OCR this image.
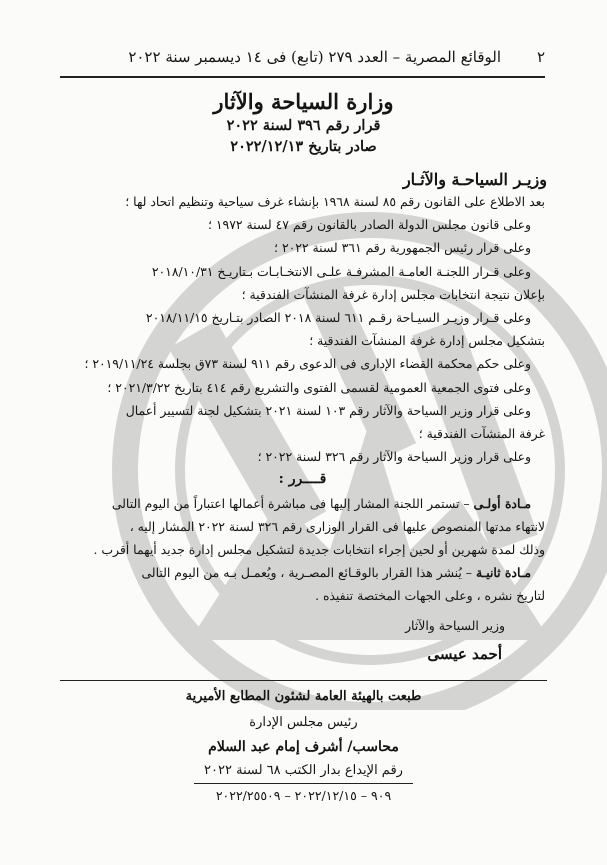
٢
الوقائع المصرية – العدد ٢٧٩ (تابع) فى ١٤ ديسمبر سنة ٢٠٢٢
وزارة السياحة والآثار
قرار رقم ٣٩٦ لسنة ٢٠٢٢
صادر بتاريخ ٢٠٢٢/١٢/١٣
وزيـر السياحـة والآثـار

بعد الاطلاع على القانون رقم ٨٥ لسنة ١٩٦٨ بإنشاء غرف سياحية وتنظيم اتحاد لها ؛

وعلى قانون مجلس الدولة الصادر بالقانون رقم ٤٧ لسنة ١٩٧٢ ؛

وعلى قرار رئيس الجمهورية رقم ٣٦١ لسنة ٢٠٢٢ ؛

وعلى قـرار اللجنـة العامـة المشرفـة علـى الانتخـابـات بـتاريـخ ٢٠١٨/١٠/٣١

بإعلان نتيجة انتخابات مجلس إدارة غرفة المنشآت الفندقية ؛

وعلى قـرار وزيـر السيـاحة رقـم ٦١١ لسنة ٢٠١٨ الصادر بتـاريخ ٢٠١٨/١١/١٥

بتشكيل مجلس إدارة غرفة المنشآت الفندقية ؛

وعلى حكم محكمة القضاء الإدارى فى الدعوى رقم ٩١١ لسنة ٧٣ق بجلسة ٢٠١٩/١١/٢٤ ؛

وعلى فتوى الجمعية العمومية لقسمى الفتوى والتشريع رقم ٤١٤ بتاريخ ٢٠٢١/٣/٢٢ ؛

وعلى قرار وزير السياحة والآثار رقم ١٠٣ لسنة ٢٠٢١ بتشكيل لجنة لتسيير أعمال

غرفة المنشآت الفندقية ؛

وعلى قرار وزير السياحة والآثار رقم ٣٢٦ لسنة ٢٠٢٢ ؛

قــــرر :

مـادة أولـى – تستمر اللجنة المشار إليها فى مباشرة أعمالها اعتباراً من اليوم التالى

لانتهاء مدتها المنصوص عليها فى القرار الوزارى رقم ٣٢٦ لسنة ٢٠٢٢ المشار إليه ،

وذلك لمدة شهرين أو لحين إجراء انتخابات جديدة لتشكيل مجلس إدارة جديد أيهما أقرب .

مـادة ثانيـة – يُنشر هذا القرار بالوقـائع المصـرية ، ويُعمـل بـه من اليوم التالى

لتاريخ نشره ، وعلى الجهات المختصة تنفيذه .

وزير السياحة والآثار
أحمد عيسى
طبعت بالهيئة العامة لشئون المطابع الأميرية
رئيس مجلس الإدارة
محاسب/ أشرف إمام عبد السلام
رقم الإيداع بدار الكتب ٦٨ لسنة ٢٠٢٢
٩٠٩ – ٢٠٢٢/١٢/١٥ – ٢٠٢٢/٢٥٥٠٩
